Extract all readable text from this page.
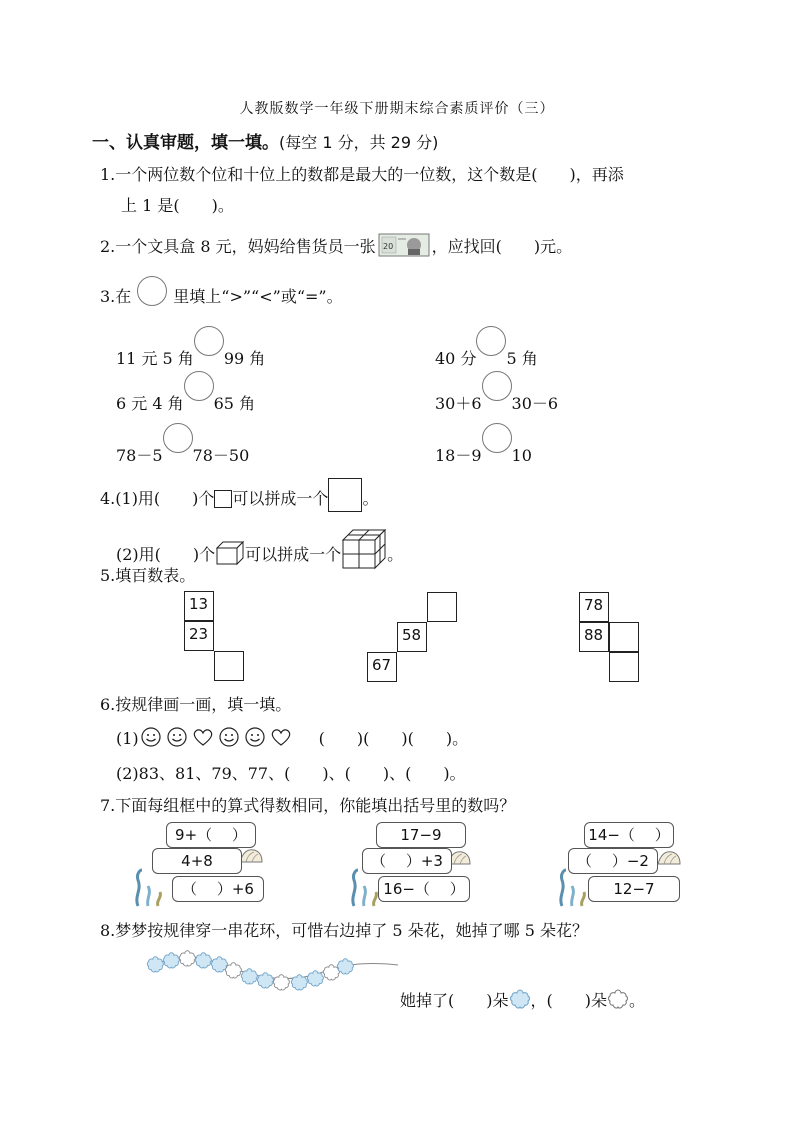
人教版数学一年级下册期末综合素质评价（三）
一、认真审题，填一填。(每空 1 分，共 29 分)
1.一个两位数个位和十位上的数都是最大的一位数，这个数是(　　)，再添
上 1 是(　　)。
2.一个文具盒 8 元，妈妈给售货员一张 20 ，应找回(　　)元。
3.在	里填上“>”“<”或“=”。
11 元 5 角 99 角	40 分 5 角
6 元 4 角 65 角	30＋6 30－6
78－5 78－50	18－9 10
4.(1)用(　　)个 可以拼成一个 。
(2)用(　　)个 可以拼成一个	。
5.填百数表。
13
23	58
67
78
88
6.按规律画一画，填一填。
(1)	(　　)(　　)(　　)。
(2)83、81、79、77、(　　)、(　　)、(　　)。
7.下面每组框中的算式得数相同，你能填出括号里的数吗？
9+（　 ）
4+8
（　 ）+6
17−9
（　 ）+3
16−（　 ）
14−（　 ）
（　 ）−2
12−7
8.梦梦按规律穿一串花环，可惜右边掉了 5 朵花，她掉了哪 5 朵花？
她掉了(　　)朵 ，(　　)朵 。
